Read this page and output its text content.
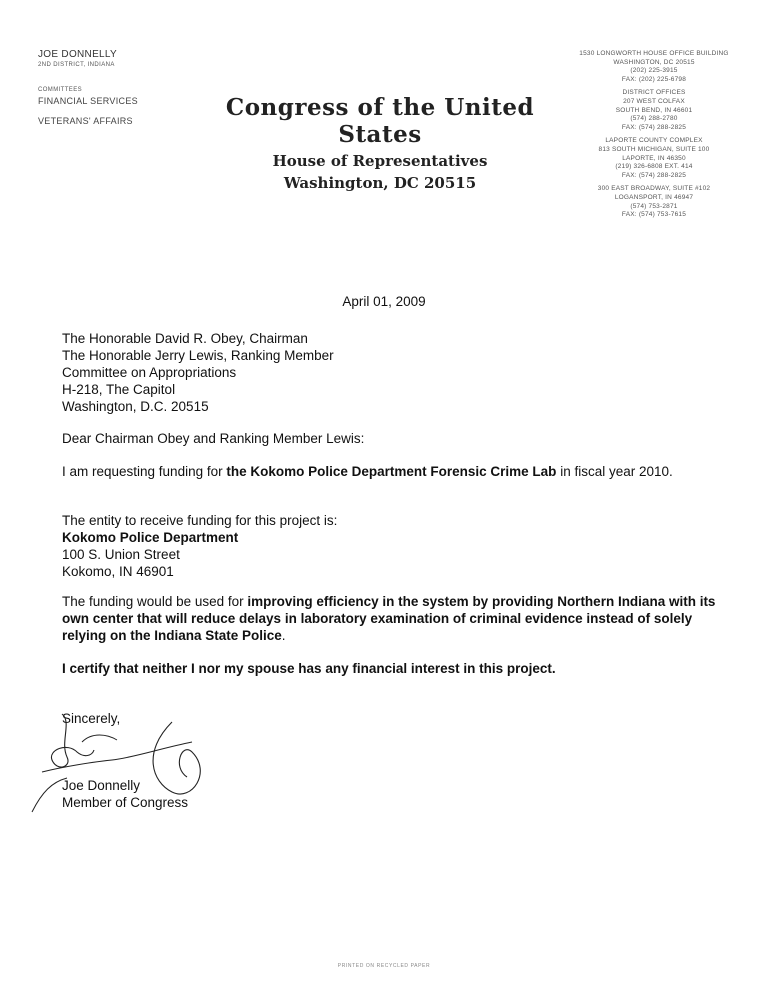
JOE DONNELLY
2ND DISTRICT, INDIANA
COMMITTEES
FINANCIAL SERVICES
VETERANS' AFFAIRS	Congress of the United States
House of Representatives
Washington, DC 20515
1530 LONGWORTH HOUSE OFFICE BUILDING
WASHINGTON, DC 20515
(202) 225-3915
FAX: (202) 225-6798
DISTRICT OFFICES
207 WEST COLFAX
SOUTH BEND, IN 46601
(574) 288-2780
FAX: (574) 288-2825
LAPORTE COUNTY COMPLEX
813 SOUTH MICHIGAN, SUITE 100
LAPORTE, IN 46350
(219) 326-6808 EXT. 414
FAX: (574) 288-2825
300 EAST BROADWAY, SUITE #102
LOGANSPORT, IN 46947
(574) 753-2871
FAX: (574) 753-7615
April 01, 2009
The Honorable David R. Obey, Chairman
The Honorable Jerry Lewis, Ranking Member
Committee on Appropriations
H-218, The Capitol
Washington, D.C. 20515
Dear Chairman Obey and Ranking Member Lewis:
I am requesting funding for the Kokomo Police Department Forensic Crime Lab in fiscal year 2010.
The entity to receive funding for this project is:
Kokomo Police Department
100 S. Union Street
Kokomo, IN 46901
The funding would be used for improving efficiency in the system by providing Northern Indiana with its own center that will reduce delays in laboratory examination of criminal evidence instead of solely relying on the Indiana State Police.
I certify that neither I nor my spouse has any financial interest in this project.
Sincerely,
Joe Donnelly
Member of Congress
PRINTED ON RECYCLED PAPER
